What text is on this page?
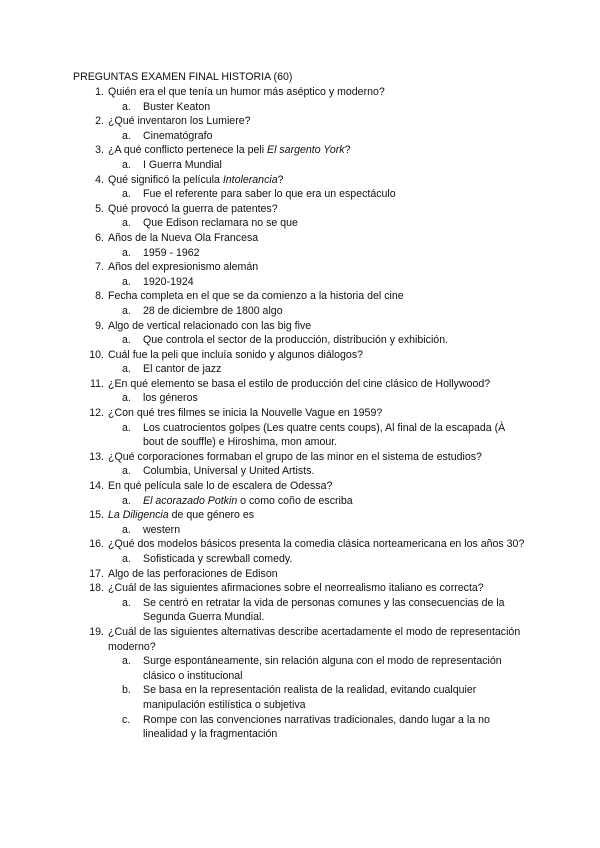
PREGUNTAS EXAMEN FINAL HISTORIA (60)
1. Quién era el que tenía un humor más aséptico y moderno?
a. Buster Keaton
2. ¿Qué inventaron los Lumiere?
a. Cinematógrafo
3. ¿A qué conflicto pertenece la peli El sargento York?
a. I Guerra Mundial
4. Qué significó la película Intolerancia?
a. Fue el referente para saber lo que era un espectáculo
5. Qué provocó la guerra de patentes?
a. Que Edison reclamara no se que
6. Años de la Nueva Ola Francesa
a. 1959 - 1962
7. Años del expresionismo alemán
a. 1920-1924
8. Fecha completa en el que se da comienzo a la historia del cine
a. 28 de diciembre de 1800 algo
9. Algo de vertical relacionado con las big five
a. Que controla el sector de la producción, distribución y exhibición.
10. Cuál fue la peli que incluía sonido y algunos diálogos?
a. El cantor de jazz
11. ¿En qué elemento se basa el estilo de producción del cine clásico de Hollywood?
a. los géneros
12. ¿Con qué tres filmes se inicia la Nouvelle Vague en 1959?
a. Los cuatrocientos golpes (Les quatre cents coups), Al final de la escapada (À bout de souffle) e Hiroshima, mon amour.
13. ¿Qué corporaciones formaban el grupo de las minor en el sistema de estudios?
a. Columbia, Universal y United Artists.
14. En qué película sale lo de escalera de Odessa?
a. El acorazado Potkin o como coño de escriba
15. La Diligencia de que género es
a. western
16. ¿Qué dos modelos básicos presenta la comedia clásica norteamericana en los años 30?
a. Sofisticada y screwball comedy.
17. Algo de las perforaciones de Edison
18. ¿Cuál de las siguientes afirmaciones sobre el neorrealismo italiano es correcta?
a. Se centró en retratar la vida de personas comunes y las consecuencias de la Segunda Guerra Mundial.
19. ¿Cuál de las siguientes alternativas describe acertadamente el modo de representación moderno?
a. Surge espontáneamente, sin relación alguna con el modo de representación clásico o institucional
b. Se basa en la representación realista de la realidad, evitando cualquier manipulación estilística o subjetiva
c. Rompe con las convenciones narrativas tradicionales, dando lugar a la no linealidad y la fragmentación
